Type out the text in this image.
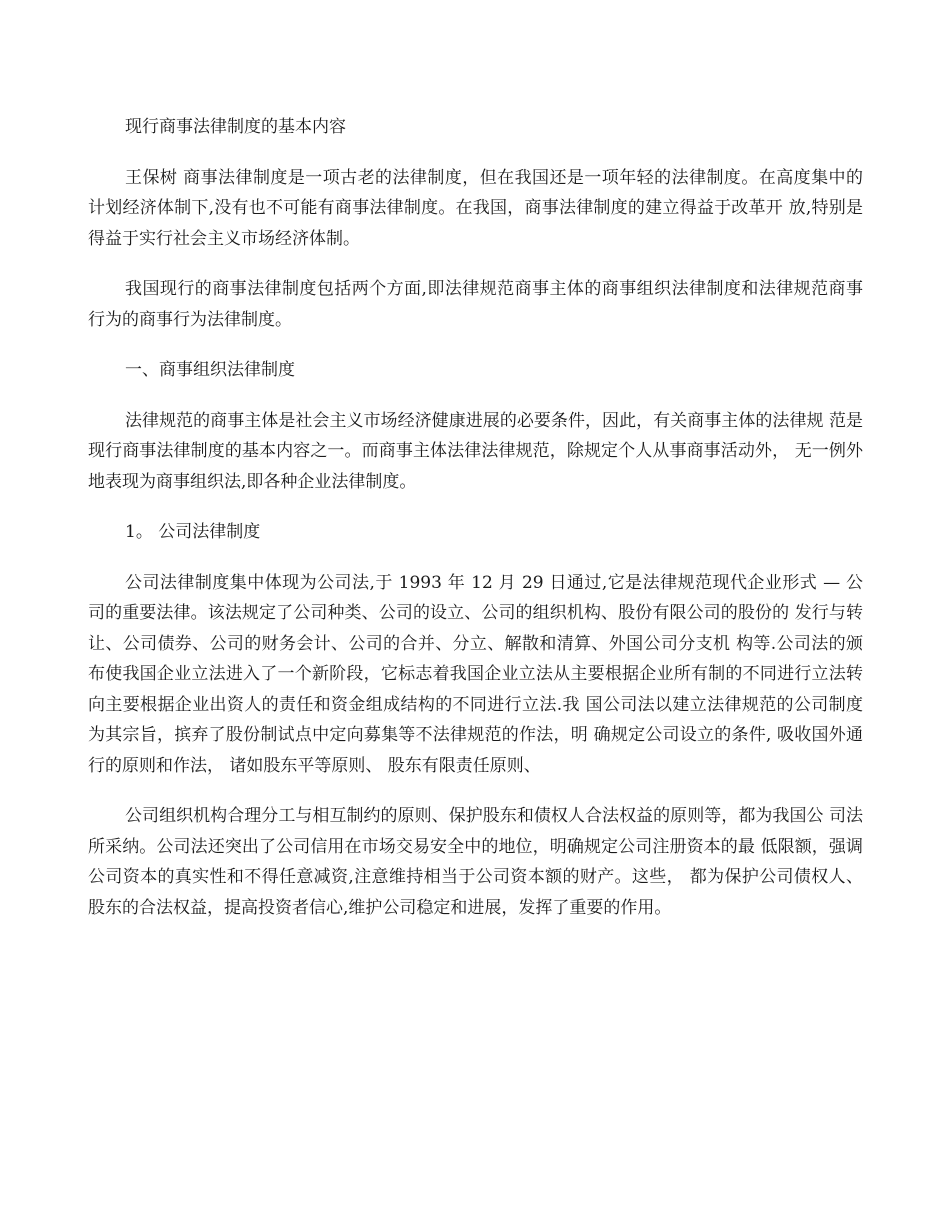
现行商事法律制度的基本内容

王保树 商事法律制度是一项古老的法律制度，但在我国还是一项年轻的法律制度。在高度集中的 计划经济体制下,没有也不可能有商事法律制度。在我国，商事法律制度的建立得益于改革开 放,特别是得益于实行社会主义市场经济体制。

我国现行的商事法律制度包括两个方面,即法律规范商事主体的商事组织法律制度和法律规范商事 行为的商事行为法律制度。

一、商事组织法律制度

法律规范的商事主体是社会主义市场经济健康进展的必要条件，因此，有关商事主体的法律规 范是现行商事法律制度的基本内容之一。而商事主体法律法律规范，除规定个人从事商事活动外， 无一例外地表现为商事组织法,即各种企业法律制度。

1。 公司法律制度

公司法律制度集中体现为公司法,于 1993 年 12 月 29 日通过,它是法律规范现代企业形式 — 公 司的重要法律。该法规定了公司种类、公司的设立、公司的组织机构、股份有限公司的股份的 发行与转让、公司债券、公司的财务会计、公司的合并、分立、解散和清算、外国公司分支机 构等.公司法的颁布使我国企业立法进入了一个新阶段，它标志着我国企业立法从主要根据企业所有制的不同进行立法转向主要根据企业出资人的责任和资金组成结构的不同进行立法.我 国公司法以建立法律规范的公司制度为其宗旨，摈弃了股份制试点中定向募集等不法律规范的作法，明 确规定公司设立的条件, 吸收国外通行的原则和作法， 诸如股东平等原则、 股东有限责任原则、

公司组织机构合理分工与相互制约的原则、保护股东和债权人合法权益的原则等，都为我国公 司法所采纳。公司法还突出了公司信用在市场交易安全中的地位，明确规定公司注册资本的最 低限额，强调公司资本的真实性和不得任意减资,注意维持相当于公司资本额的财产。这些， 都为保护公司债权人、股东的合法权益，提高投资者信心,维护公司稳定和进展，发挥了重要的作用。
